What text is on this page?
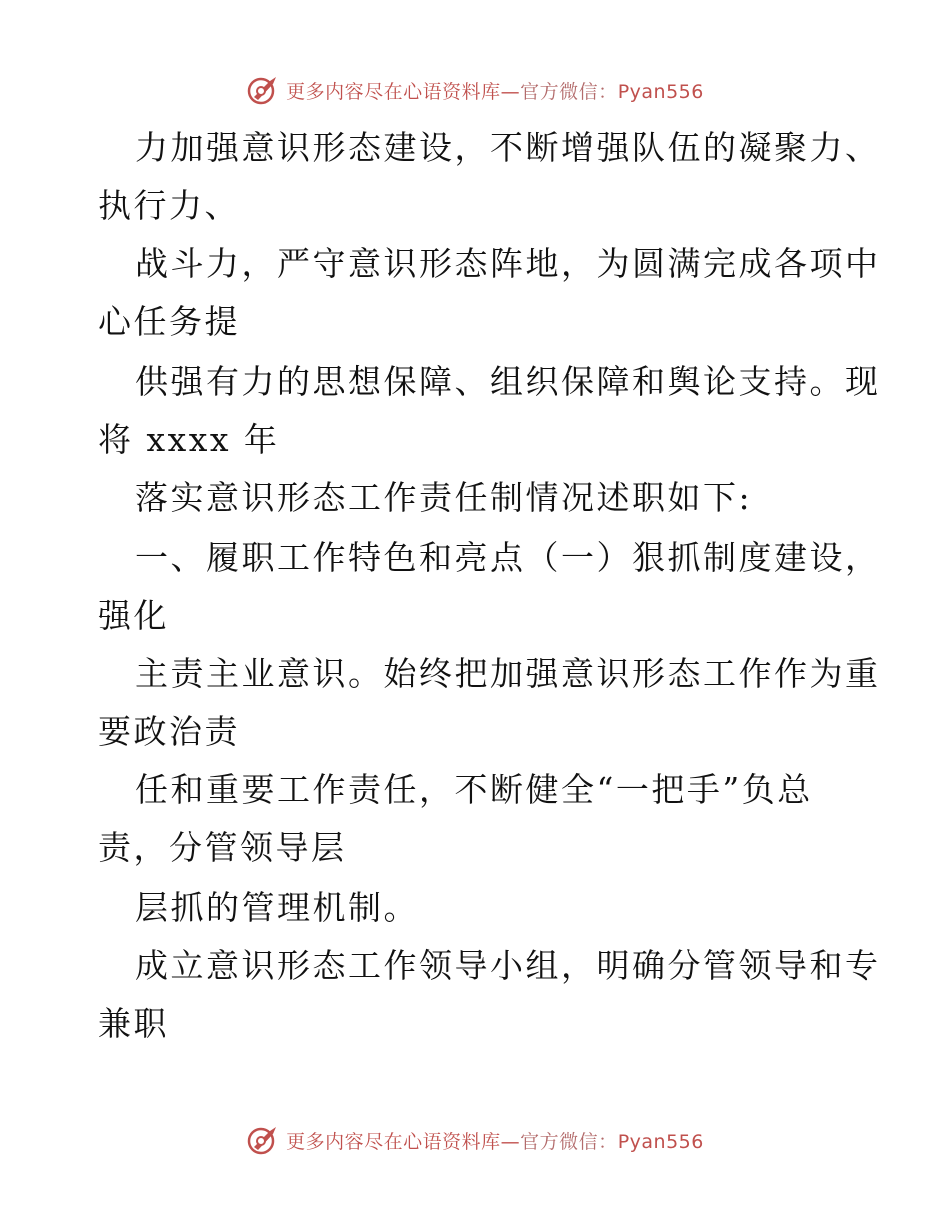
更多内容尽在心语资料库—官方微信：Pyan556
力加强意识形态建设，不断增强队伍的凝聚力、
执行力、
战斗力，严守意识形态阵地，为圆满完成各项中
心任务提
供强有力的思想保障、组织保障和舆论支持。现
将 xxxx 年
落实意识形态工作责任制情况述职如下:
一、履职工作特色和亮点（一）狠抓制度建设，
强化
主责主业意识。始终把加强意识形态工作作为重
要政治责
任和重要工作责任，不断健全“一把手”负总
责，分管领导层
层抓的管理机制。
成立意识形态工作领导小组，明确分管领导和专
兼职
更多内容尽在心语资料库—官方微信：Pyan556
